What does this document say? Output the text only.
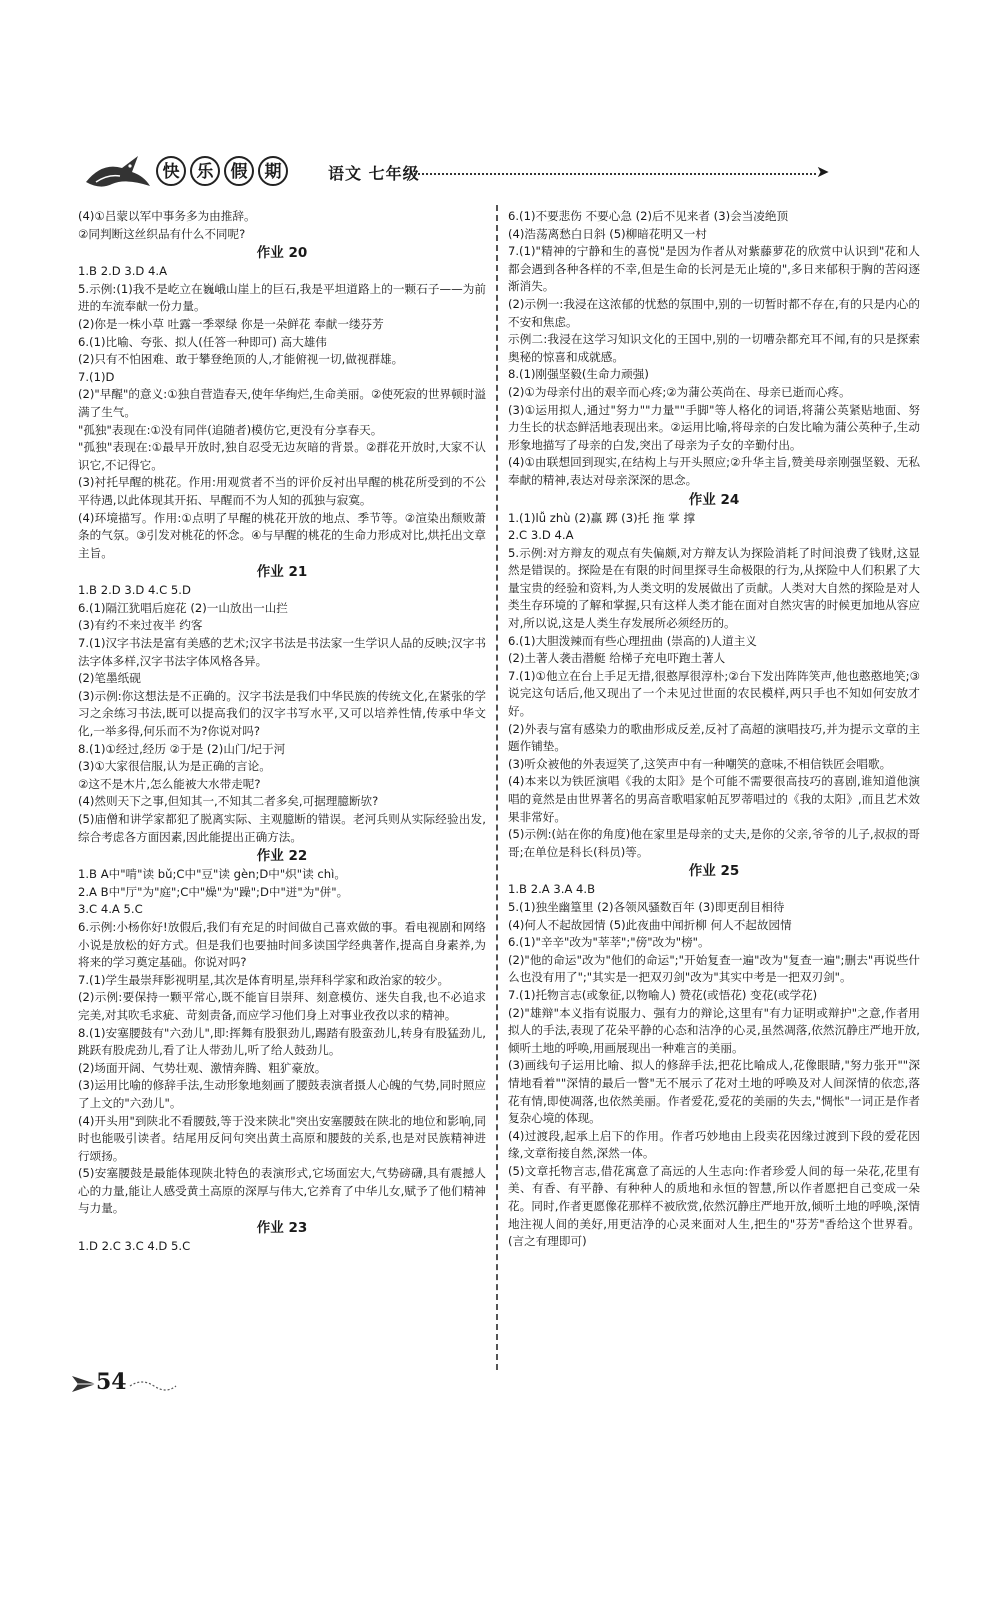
快	乐	假	期	语文 七年级	➤

(4)①吕蒙以军中事务多为由推辞。

②同判断这丝织品有什么不同呢?

作业 20

1.B 2.D 3.D 4.A

5.示例:(1)我不是屹立在巍峨山崖上的巨石,我是平坦道路上的一颗石子——为前进的车流奉献一份力量。

(2)你是一株小草 吐露一季翠绿 你是一朵鲜花 奉献一缕芬芳

6.(1)比喻、夸张、拟人(任答一种即可) 高大雄伟

(2)只有不怕困难、敢于攀登绝顶的人,才能俯视一切,做视群雄。

7.(1)D

(2)"早醒"的意义:①独自营造春天,使年华绚烂,生命美丽。②使死寂的世界顿时溢满了生气。

"孤独"表现在:①没有同伴(追随者)模仿它,更没有分享春天。

"孤独"表现在:①最早开放时,独自忍受无边灰暗的背景。②群花开放时,大家不认识它,不记得它。

(3)衬托早醒的桃花。作用:用观赏者不当的评价反衬出早醒的桃花所受到的不公平待遇,以此体现其开拓、早醒而不为人知的孤独与寂寞。

(4)环境描写。作用:①点明了早醒的桃花开放的地点、季节等。②渲染出颓败萧条的气氛。③引发对桃花的怀念。④与早醒的桃花的生命力形成对比,烘托出文章主旨。

作业 21

1.B 2.D 3.D 4.C 5.D

6.(1)隔江犹唱后庭花 (2)一山放出一山拦

(3)有约不来过夜半 约客

7.(1)汉字书法是富有美感的艺术;汉字书法是书法家一生学识人品的反映;汉字书法字体多样,汉字书法字体风格各异。

(2)笔墨纸砚

(3)示例:你这想法是不正确的。汉字书法是我们中华民族的传统文化,在紧张的学习之余练习书法,既可以提高我们的汉字书写水平,又可以培养性情,传承中华文化,一举多得,何乐而不为?你说对吗?

8.(1)①经过,经历 ②于是 (2)山门/圮于河

(3)①大家很信服,认为是正确的言论。

②这不是木片,怎么能被大水带走呢?

(4)然则天下之事,但知其一,不知其二者多矣,可据理臆断欤?

(5)庙僧和讲学家都犯了脱离实际、主观臆断的错误。老河兵则从实际经验出发,综合考虑各方面因素,因此能提出正确方法。

作业 22

1.B A中"啃"读 bǔ;C中"豆"读 gèn;D中"炽"读 chì。

2.A B中"厅"为"庭";C中"燥"为"躁";D中"迸"为"併"。

3.C 4.A 5.C

6.示例:小杨你好!放假后,我们有充足的时间做自己喜欢做的事。看电视剧和网络小说是放松的好方式。但是我们也要抽时间多读国学经典著作,提高自身素养,为将来的学习奠定基础。你说对吗?

7.(1)学生最崇拜影视明星,其次是体育明星,崇拜科学家和政治家的较少。

(2)示例:要保持一颗平常心,既不能盲目崇拜、刻意模仿、迷失自我,也不必追求完美,对其吹毛求疵、苛刻责备,而应学习他们身上对事业孜孜以求的精神。

8.(1)安塞腰鼓有"六劲儿",即:挥舞有股狠劲儿,踢踏有股蛮劲儿,转身有股猛劲儿,跳跃有股虎劲儿,看了让人带劲儿,听了给人鼓劲儿。

(2)场面开阔、气势壮观、激情奔腾、粗犷豪放。

(3)运用比喻的修辞手法,生动形象地刻画了腰鼓表演者摄人心魄的气势,同时照应了上文的"六劲儿"。

(4)开头用"到陕北不看腰鼓,等于没来陕北"突出安塞腰鼓在陕北的地位和影响,同时也能吸引读者。结尾用反问句突出黄土高原和腰鼓的关系,也是对民族精神进行颂扬。

(5)安塞腰鼓是最能体现陕北特色的表演形式,它场面宏大,气势磅礴,具有震撼人心的力量,能让人感受黄土高原的深厚与伟大,它养育了中华儿女,赋予了他们精神与力量。

作业 23

1.D 2.C 3.C 4.D 5.C

6.(1)不要悲伤 不要心急 (2)后不见来者 (3)会当凌绝顶

(4)浩荡离愁白日斜 (5)柳暗花明又一村

7.(1)"精神的宁静和生的喜悦"是因为作者从对紫藤萝花的欣赏中认识到"花和人都会遇到各种各样的不幸,但是生命的长河是无止境的",多日来郁积于胸的苦闷逐渐消失。

(2)示例一:我浸在这浓郁的忧愁的氛围中,别的一切暂时都不存在,有的只是内心的不安和焦虑。

示例二:我浸在这学习知识文化的王国中,别的一切嘈杂都充耳不闻,有的只是探索奥秘的惊喜和成就感。

8.(1)刚强坚毅(生命力顽强)

(2)①为母亲付出的艰辛而心疼;②为蒲公英尚在、母亲已逝而心疼。

(3)①运用拟人,通过"努力""力量""手脚"等人格化的词语,将蒲公英紧贴地面、努力生长的状态鲜活地表现出来。②运用比喻,将母亲的白发比喻为蒲公英种子,生动形象地描写了母亲的白发,突出了母亲为子女的辛勤付出。

(4)①由联想回到现实,在结构上与开头照应;②升华主旨,赞美母亲刚强坚毅、无私奉献的精神,表达对母亲深深的思念。

作业 24

1.(1)lǚ zhù (2)赢 踯 (3)托 拖 掌 撑

2.C 3.D 4.A

5.示例:对方辩友的观点有失偏颇,对方辩友认为探险消耗了时间浪费了钱财,这显然是错误的。探险是在有限的时间里探寻生命极限的行为,从探险中人们积累了大量宝贵的经验和资料,为人类文明的发展做出了贡献。人类对大自然的探险是对人类生存环境的了解和掌握,只有这样人类才能在面对自然灾害的时候更加地从容应对,所以说,这是人类生存发展所必须经历的。

6.(1)大胆泼辣而有些心理扭曲 (崇高的)人道主义

(2)土著人袭击潜艇 给梯子充电吓跑土著人

7.(1)①他立在台上手足无措,很憨厚很淳朴;②台下发出阵阵笑声,他也憨憨地笑;③说完这句话后,他又现出了一个未见过世面的农民模样,两只手也不知如何安放才好。

(2)外表与富有感染力的歌曲形成反差,反衬了高超的演唱技巧,并为提示文章的主题作铺垫。

(3)听众被他的外表逗笑了,这笑声中有一种嘲笑的意味,不相信铁匠会唱歌。

(4)本来以为铁匠演唱《我的太阳》是个可能不需要很高技巧的喜剧,谁知道他演唱的竟然是由世界著名的男高音歌唱家帕瓦罗蒂唱过的《我的太阳》,而且艺术效果非常好。

(5)示例:(站在你的角度)他在家里是母亲的丈夫,是你的父亲,爷爷的儿子,叔叔的哥哥;在单位是科长(科员)等。

作业 25

1.B 2.A 3.A 4.B

5.(1)独坐幽篁里 (2)各领风骚数百年 (3)即更刮目相待

(4)何人不起故园情 (5)此夜曲中闻折柳 何人不起故园情

6.(1)"辛辛"改为"莘莘";"傍"改为"榜"。

(2)"他的命运"改为"他们的命运";"开始复查一遍"改为"复查一遍";删去"再说些什么也没有用了";"其实是一把双刃剑"改为"其实中考是一把双刃剑"。

7.(1)托物言志(或象征,以物喻人) 赞花(或悟花) 变花(或学花)

(2)"雄辩"本义指有说服力、强有力的辩论,这里有"有力证明或辩护"之意,作者用拟人的手法,表现了花朵平静的心态和洁净的心灵,虽然凋落,依然沉静庄严地开放,倾听土地的呼唤,用画展现出一种难言的美丽。

(3)画线句子运用比喻、拟人的修辞手法,把花比喻成人,花像眼睛,"努力张开""深情地看着""深情的最后一瞥"无不展示了花对土地的呼唤及对人间深情的依恋,落花有情,即使凋落,也依然美丽。作者爱花,爱花的美丽的失去,"惆怅"一词正是作者复杂心境的体现。

(4)过渡段,起承上启下的作用。作者巧妙地由上段卖花因缘过渡到下段的爱花因缘,文章衔接自然,深然一体。

(5)文章托物言志,借花寓意了高远的人生志向:作者珍爱人间的每一朵花,花里有美、有香、有平静、有种种人的质地和永恒的智慧,所以作者愿把自己变成一朵花。同时,作者更愿像花那样不被欣赏,依然沉静庄严地开放,倾听土地的呼唤,深情地注视人间的美好,用更洁净的心灵来面对人生,把生的"芬芳"香给这个世界看。(言之有理即可)

54
